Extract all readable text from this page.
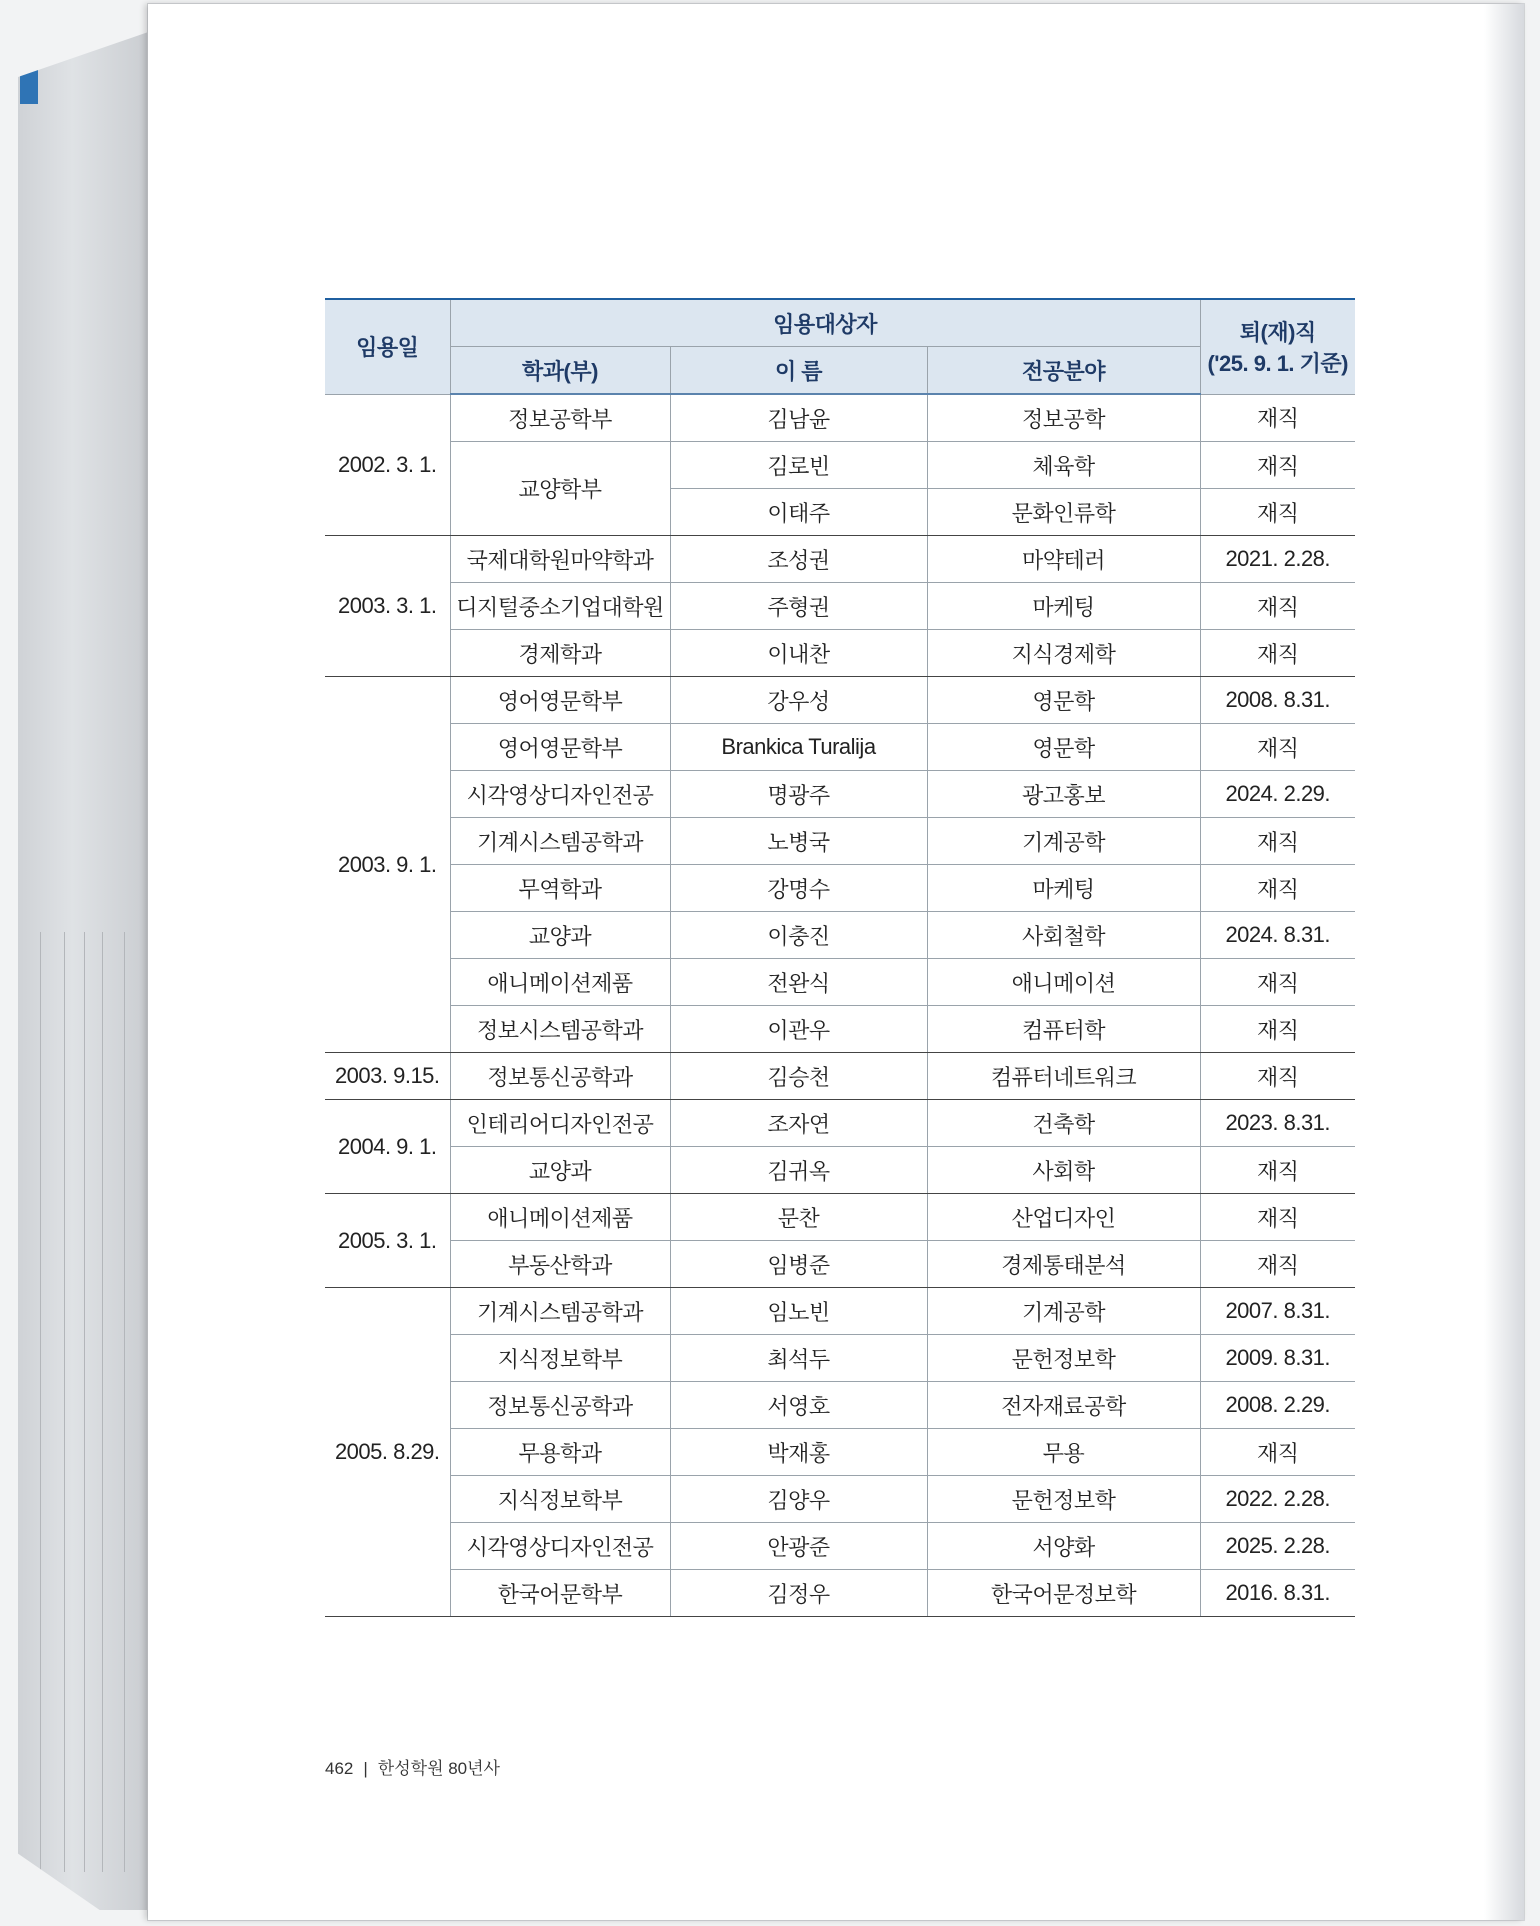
임용일	임용대상자			퇴(재)직
('25. 9. 1. 기준)

	학과(부)	이 름	전공분야	
2002. 3. 1.	정보공학부	김남윤	정보공학	재직
	교양학부	김로빈	체육학	재직
		이태주	문화인류학	재직
2003. 3. 1.	국제대학원마약학과	조성권	마약테러	2021. 2.28.
	디지털중소기업대학원	주형권	마케팅	재직
	경제학과	이내찬	지식경제학	재직
2003. 9. 1.	영어영문학부	강우성	영문학	2008. 8.31.
	영어영문학부	Brankica Turalija	영문학	재직
	시각영상디자인전공	명광주	광고홍보	2024. 2.29.
	기계시스템공학과	노병국	기계공학	재직
	무역학과	강명수	마케팅	재직
	교양과	이충진	사회철학	2024. 8.31.
	애니메이션제품	전완식	애니메이션	재직
	정보시스템공학과	이관우	컴퓨터학	재직
2003. 9.15.	정보통신공학과	김승천	컴퓨터네트워크	재직
2004. 9. 1.	인테리어디자인전공	조자연	건축학	2023. 8.31.
	교양과	김귀옥	사회학	재직
2005. 3. 1.	애니메이션제품	문찬	산업디자인	재직
	부동산학과	임병준	경제통태분석	재직
2005. 8.29.	기계시스템공학과	임노빈	기계공학	2007. 8.31.
	지식정보학부	최석두	문헌정보학	2009. 8.31.
	정보통신공학과	서영호	전자재료공학	2008. 2.29.
	무용학과	박재홍	무용	재직
	지식정보학부	김양우	문헌정보학	2022. 2.28.
	시각영상디자인전공	안광준	서양화	2025. 2.28.
	한국어문학부	김정우	한국어문정보학	2016. 8.31.
462 | 한성학원 80년사
